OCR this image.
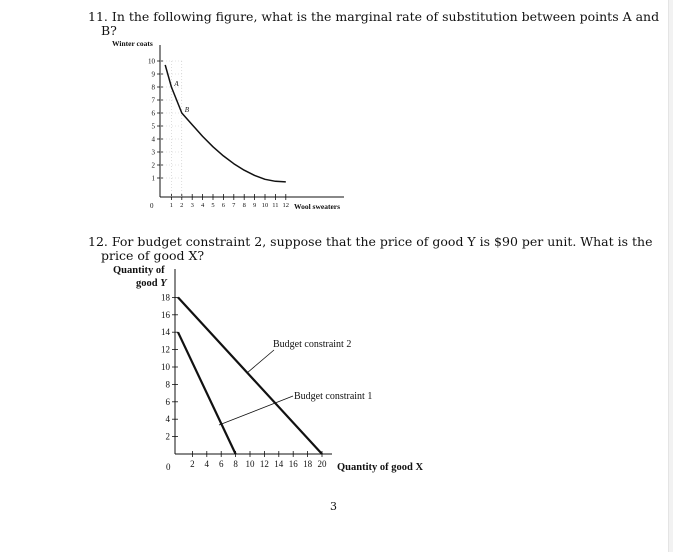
11. In the following figure, what is the marginal rate of substitution between points A and
B?
Winter coats
Wool sweaters
0
1
2
3
4
5
6
7
8
9
10
1 2 3 4 5 6 7 8 9 10 11 12
A
B
12. For budget constraint 2, suppose that the price of good Y is $90 per unit. What is the
price of good X?
Quantity of
good Y
Quantity of good X
0
2
4
6
8
10
12
14
16
18
2 4 6 8 10 12 14 16 18 20
Budget constraint 2
Budget constraint 1
3
